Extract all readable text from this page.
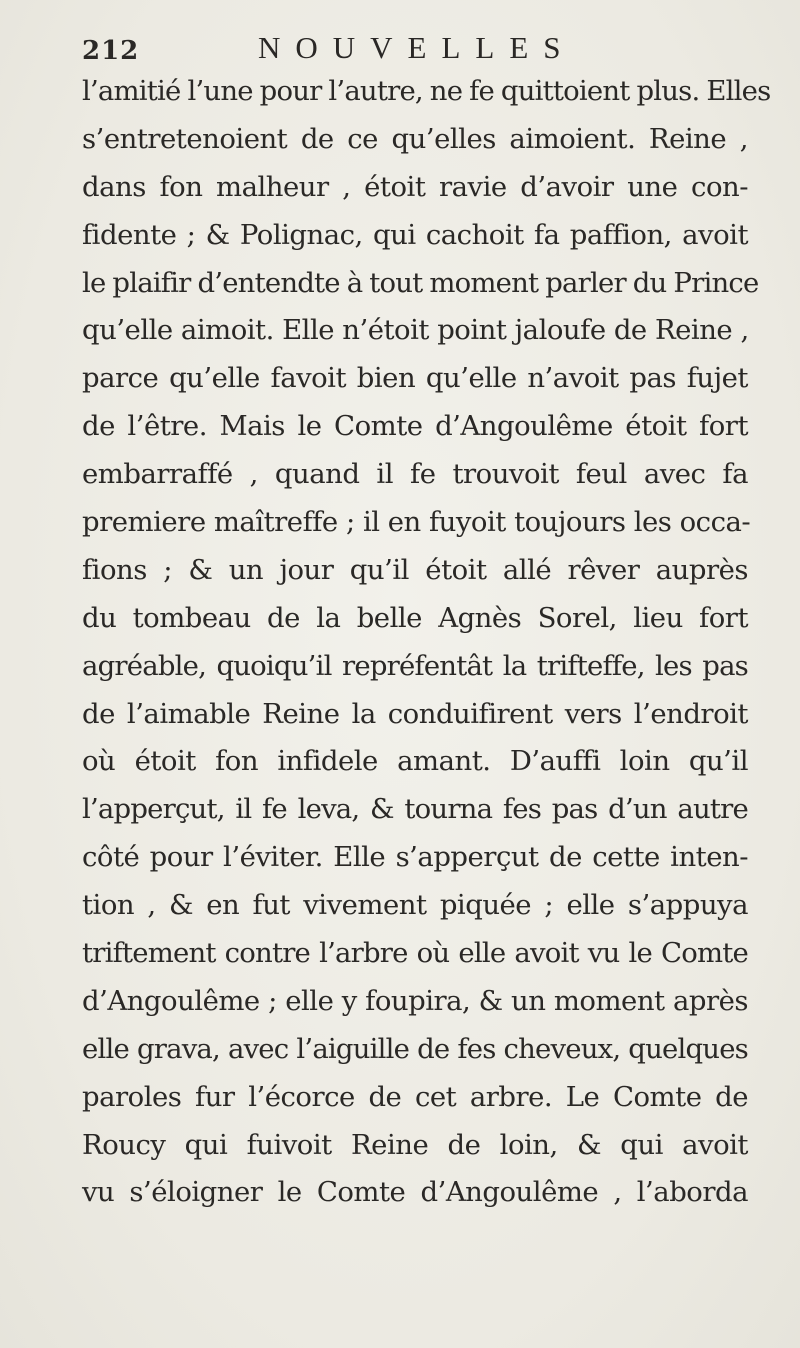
212	NOUVELLES
l’amitié l’une pour l’autre, ne fe quittoient plus. Elles
s’entretenoient de ce qu’elles aimoient. Reine ,
dans fon malheur , étoit ravie d’avoir une con-
fidente ; & Polignac, qui cachoit fa paffion, avoit
le plaifir d’entendte à tout moment parler du Prince
qu’elle aimoit. Elle n’étoit point jaloufe de Reine ,
parce qu’elle favoit bien qu’elle n’avoit pas fujet
de l’être. Mais le Comte d’Angoulême étoit fort
embarraffé , quand il fe trouvoit feul avec fa
premiere maîtreffe ; il en fuyoit toujours les occa-
fions ; & un jour qu’il étoit allé rêver auprès
du tombeau de la belle Agnès Sorel, lieu fort
agréable, quoiqu’il repréfentât la trifteffe, les pas
de l’aimable Reine la conduifirent vers l’endroit
où étoit fon infidele amant. D’auffi loin qu’il
l’apperçut, il fe leva, & tourna fes pas d’un autre
côté pour l’éviter. Elle s’apperçut de cette inten-
tion , & en fut vivement piquée ; elle s’appuya
triftement contre l’arbre où elle avoit vu le Comte
d’Angoulême ; elle y foupira, & un moment après
elle grava, avec l’aiguille de fes cheveux, quelques
paroles fur l’écorce de cet arbre. Le Comte de
Roucy qui fuivoit Reine de loin, & qui avoit
vu s’éloigner le Comte d’Angoulême , l’aborda
